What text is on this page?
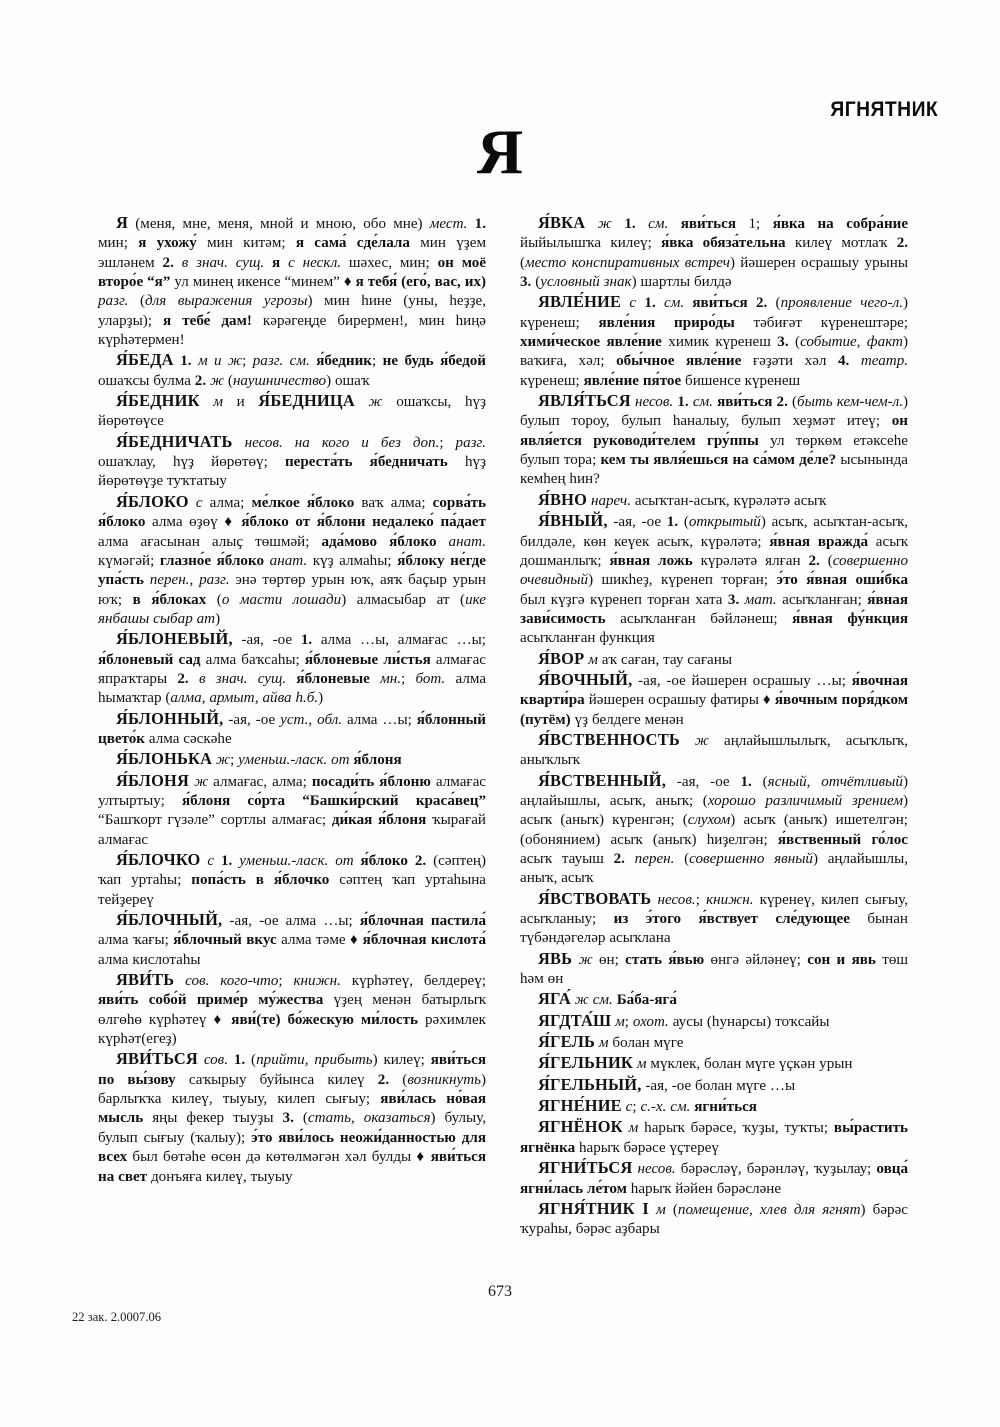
ЯГНЯТНИК
Я

Я (меня, мне, меня, мной и мною, обо мне) мест. 1. мин; я ухожу́ мин китәм; я сама́ сде́лала мин үҙем эшләнем 2. в знач. сущ. я с нескл. шәхес, мин; он моё второ́е “я” ул минең икенсе “минем” ♦ я тебя́ (его́, вас, их) разг. (для выражения угрозы) мин һине (уны, һеҙҙе, уларҙы); я тебе́ дам! кәрәгеңде бирермен!, мин һиңә күрһәтермен!

Я́БЕДА 1. м и ж; разг. см. я́бедник; не будь я́бедой ошаҡсы булма 2. ж (наушничество) ошаҡ

Я́БЕДНИК м и Я́БЕДНИЦА ж ошаҡсы, һүҙ йөрөтөүсе

Я́БЕДНИЧАТЬ несов. на кого и без доп.; разг. ошаҡлау, һүҙ йөрөтөү; переста́ть я́бедничать һүҙ йөрөтөүҙе туҡтатыу

Я́БЛОКО с алма; ме́лкое я́блоко ваҡ алма; сорва́ть я́блоко алма өҙөү ♦ я́блоко от я́блони недалеко́ па́дает алма ағасынан алыҫ төшмәй; ада́мово я́блоко анат. күмәгәй; глазно́е я́блоко анат. күҙ алмаһы; я́блоку не́где упа́сть перен., разг. энә төртөр урын юҡ, аяҡ баҫыр урын юҡ; в я́блоках (о масти лошади) алмасыбар ат (ике янбашы сыбар ат)

Я́БЛОНЕВЫЙ, -ая, -ое 1. алма …ы, алмағас …ы; я́блоневый сад алма баҡсаһы; я́блоневые ли́стья алмағас япраҡтары 2. в знач. сущ. я́блоневые мн.; бот. алма һымаҡтар (алма, армыт, айва һ.б.)

Я́БЛОННЫЙ, -ая, -ое уст., обл. алма …ы; я́блонный цвето́к алма сәскәһе

Я́БЛОНЬКА ж; уменьш.-ласк. от я́блоня

Я́БЛОНЯ ж алмағас, алма; посади́ть я́блоню алмағас ултыртыу; я́блоня со́рта “Башки́рский краса́вец” “Башҡорт гүзәле” сортлы алмағас; ди́кая я́блоня ҡырағай алмағас

Я́БЛОЧКО с 1. уменьш.-ласк. от я́блоко 2. (сәптең) ҡап уртаһы; попа́сть в я́блочко сәптең ҡап уртаһына тейҙереү

Я́БЛОЧНЫЙ, -ая, -ое алма …ы; я́блочная пастила́ алма ҡағы; я́блочный вкус алма тәме ♦ я́блочная кислота́ алма кислотаһы

ЯВИ́ТЬ сов. кого-что; книжн. күрһәтеү, белдереү; яви́ть собо́й приме́р му́жества үҙең менән батырлыҡ өлгөһө күрһәтеү ♦ яви́(те) бо́жескую ми́лость рәхимлек күрһәт(егеҙ)

ЯВИ́ТЬСЯ сов. 1. (прийти, прибыть) килеү; яви́ться по вы́зову саҡырыу буйынса килеү 2. (возникнуть) барлыҡҡа килеү, тыуыу, килеп сығыу; яви́лась но́вая мысль яңы фекер тыуҙы 3. (стать, оказаться) булыу, булып сығыу (ҡалыу); э́то яви́лось неожи́данностью для всех был бөтәһе өсөн дә көтөлмәгән хәл булды ♦ яви́ться на свет донъяға килеү, тыуыу

Я́ВКА ж 1. см. яви́ться 1; я́вка на собра́ние йыйылышҡа килеү; я́вка обяза́тельна килеү мотлаҡ 2. (место конспиративных встреч) йәшерен осрашыу урыны 3. (условный знак) шартлы билдә

ЯВЛЕ́НИЕ с 1. см. яви́ться 2. (проявление чего-л.) күренеш; явле́ния приро́ды тәбиғәт күренештәре; хими́ческое явле́ние химик күренеш 3. (событие, факт) ваҡиға, хәл; обы́чное явле́ние ғәҙәти хәл 4. театр. күренеш; явле́ние пя́тое бишенсе күренеш

ЯВЛЯ́ТЬСЯ несов. 1. см. яви́ться 2. (быть кем-чем-л.) булып тороу, булып һаналыу, булып хеҙмәт итеү; он явля́ется руководи́телем гру́ппы ул төркөм етәксеһе булып тора; кем ты явля́ешься на са́мом де́ле? ысынында кемһең һин?

Я́ВНО нареч. асыҡтан-асыҡ, күрәләтә асыҡ

Я́ВНЫЙ, -ая, -ое 1. (открытый) асыҡ, асыҡтан-асыҡ, билдәле, көн кеүек асыҡ, күрәләтә; я́вная вражда́ асыҡ дошманлыҡ; я́вная ложь күрәләтә ялған 2. (совершенно очевидный) шикһеҙ, күренеп торған; э́то я́вная оши́бка был күҙгә күренеп торған хата 3. мат. асыҡланған; я́вная зави́симость асыҡланған бәйләнеш; я́вная фу́нкция асыҡланған функция

Я́ВОР м аҡ саған, тау сағаны

Я́ВОЧНЫЙ, -ая, -ое йәшерен осрашыу …ы; я́вочная кварти́ра йәшерен осрашыу фатиры ♦ я́вочным поря́дком (путём) үҙ белдеге менән

Я́ВСТВЕННОСТЬ ж аңлайышлылыҡ, асыҡлыҡ, аныҡлыҡ

Я́ВСТВЕННЫЙ, -ая, -ое 1. (ясный, отчётливый) аңлайышлы, асыҡ, аныҡ; (хорошо различимый зрением) асыҡ (аныҡ) күренгән; (слухом) асыҡ (аныҡ) ишетелгән; (обонянием) асыҡ (аныҡ) һиҙелгән; я́вственный го́лос асыҡ тауыш 2. перен. (совершенно явный) аңлайышлы, аныҡ, асыҡ

Я́ВСТВОВАТЬ несов.; книжн. күренеү, килеп сығыу, асыҡланыу; из э́того я́вствует сле́дующее бынан түбәндәгеләр асыҡлана

ЯВЬ ж өн; стать я́вью өнгә әйләнеү; сон и явь төш һәм өн

ЯГА́ ж см. Ба́ба-яга́

ЯГДТА́Ш м; охот. аусы (һунарсы) тоҡсайы

Я́ГЕЛЬ м болан мүге

Я́ГЕЛЬНИК м мүклек, болан мүге үҫкән урын

Я́ГЕЛЬНЫЙ, -ая, -ое болан мүге …ы

ЯГНЕ́НИЕ с; с.-х. см. ягни́ться

ЯГНЁНОК м һарыҡ бәрәсе, ҡуҙы, туҡты; вы́растить ягнёнка һарыҡ бәрәсе үҫтереү

ЯГНИ́ТЬСЯ несов. бәрәсләү, бәрәнләү, ҡуҙылау; овца́ ягни́лась ле́том һарыҡ йәйен бәрәсләне

ЯГНЯ́ТНИК I м (помещение, хлев для ягнят) бәрәс ҡураһы, бәрәс аҙбары

673
22 зак. 2.0007.06
